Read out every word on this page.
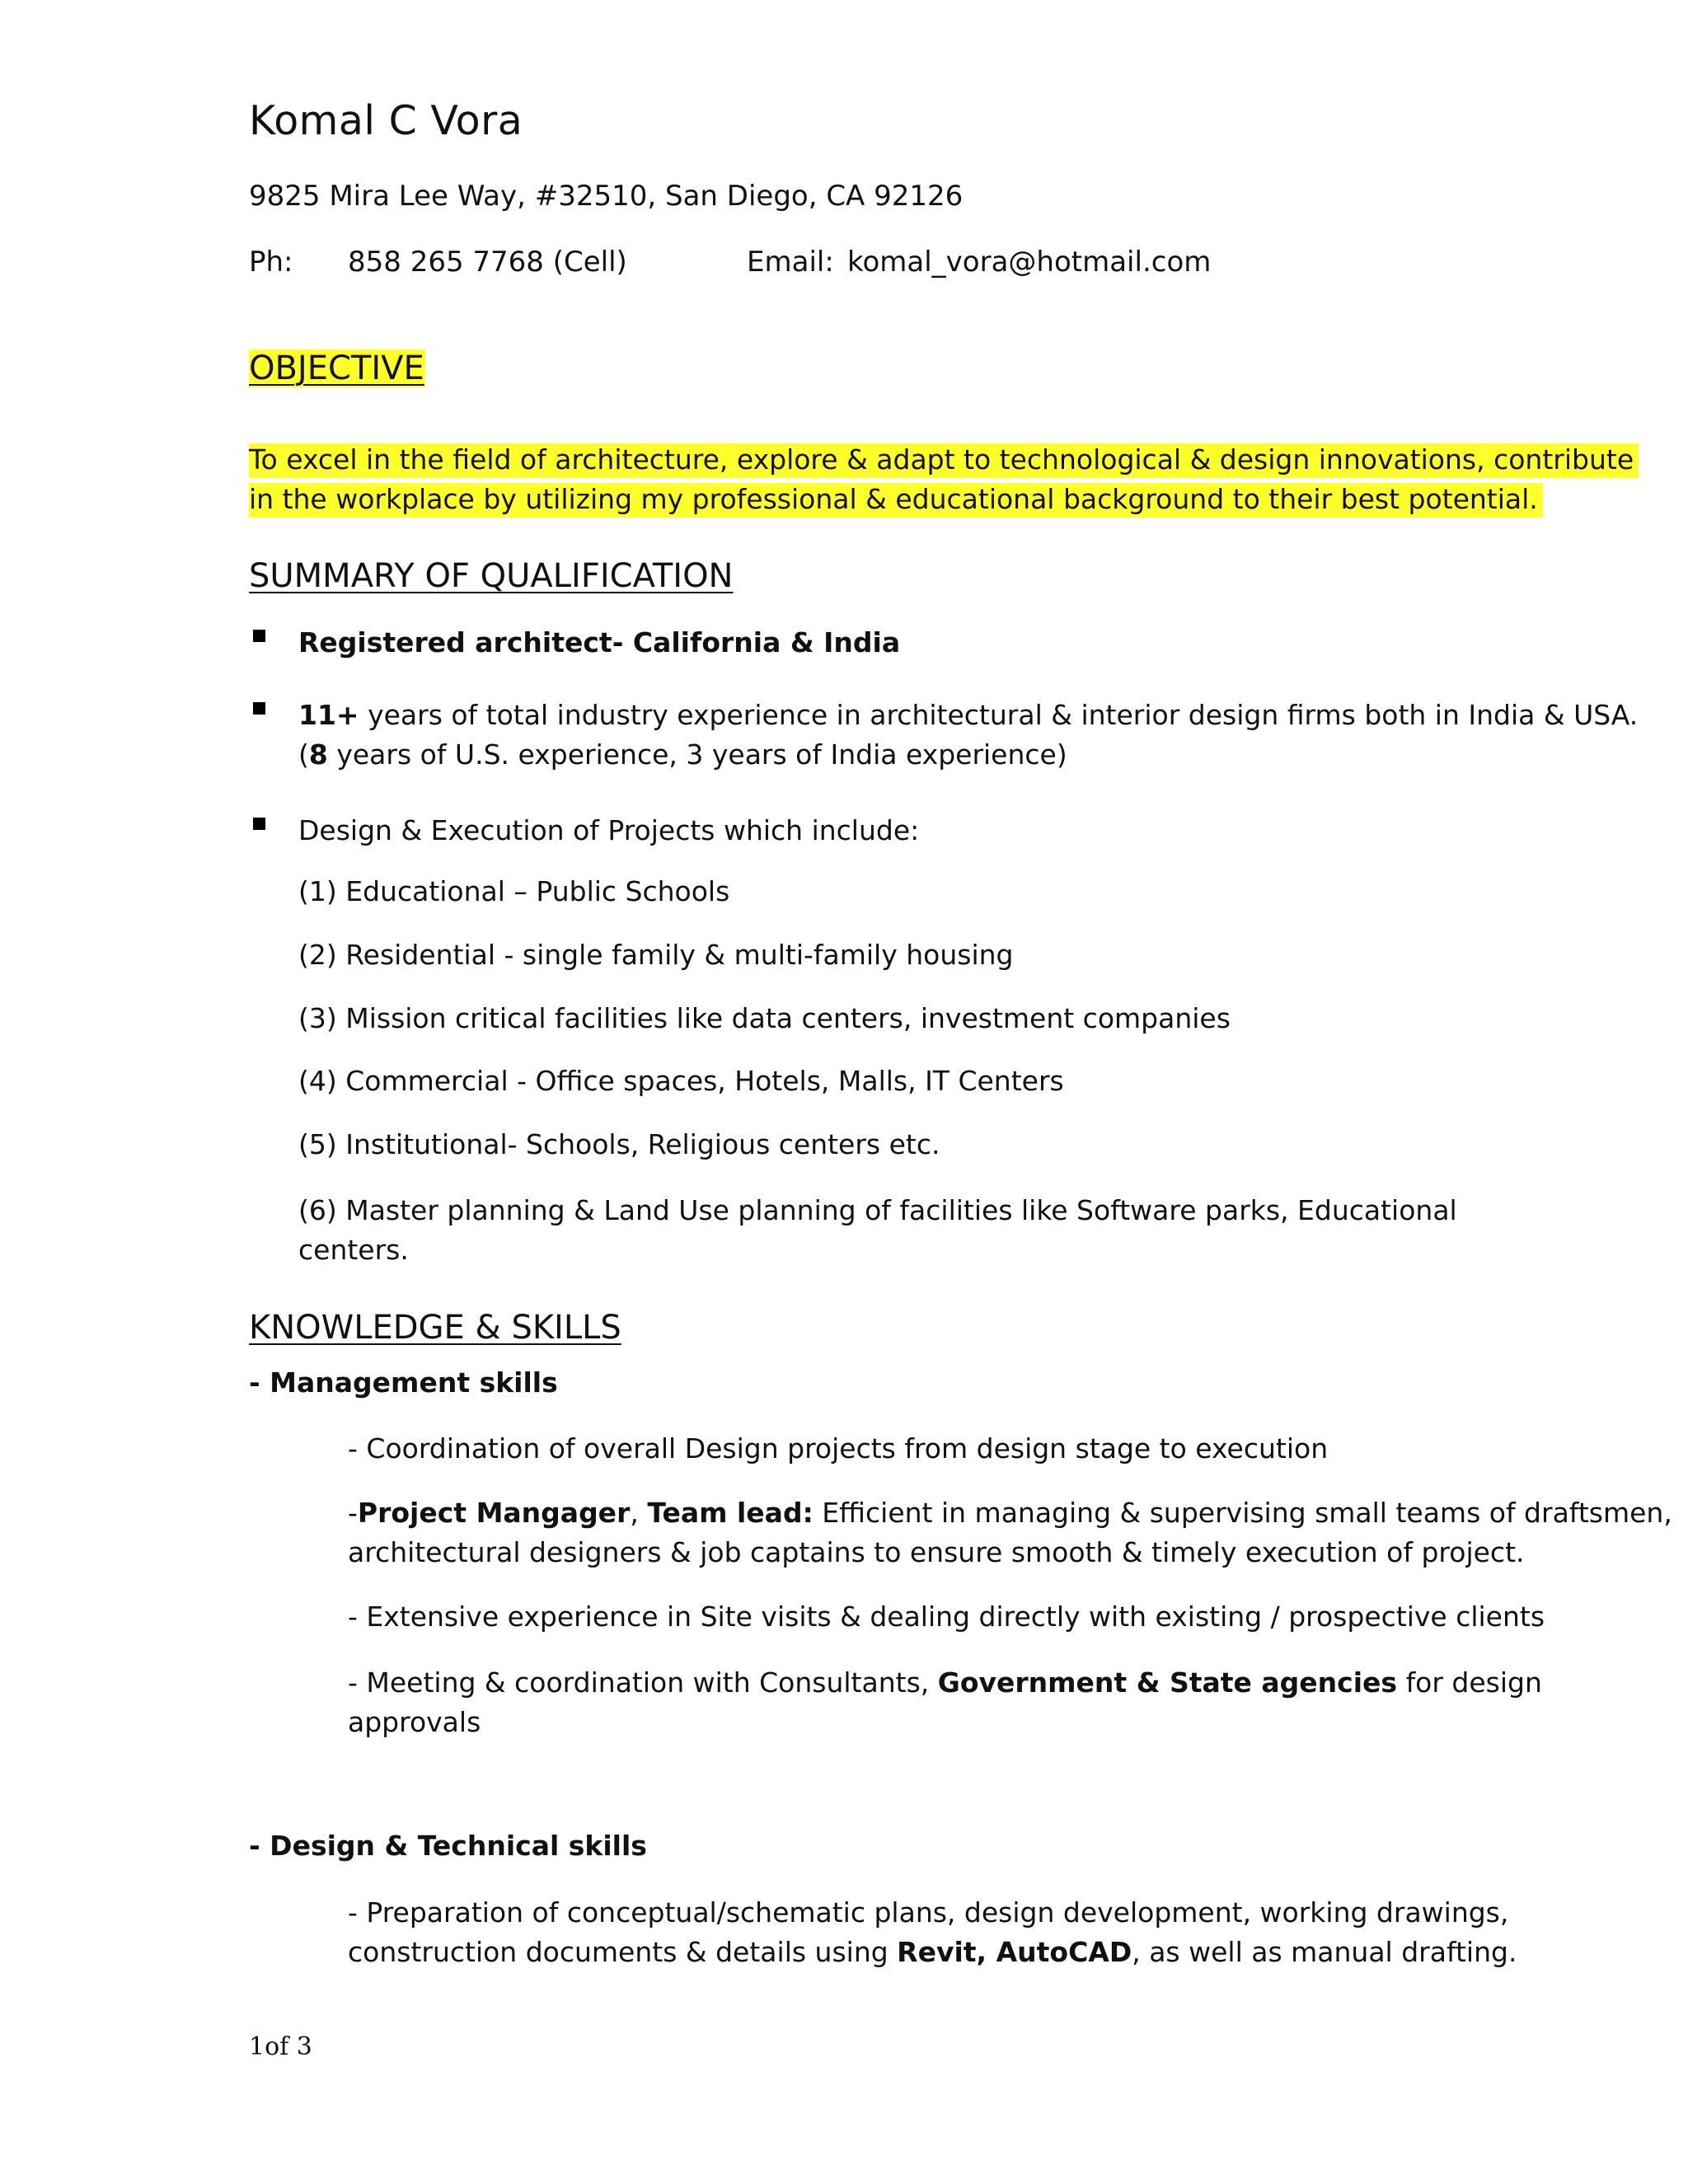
Komal C Vora
9825 Mira Lee Way, #32510, San Diego, CA 92126
Ph: 858 265 7768 (Cell)	Email: komal_vora@hotmail.com
OBJECTIVE
To excel in the field of architecture, explore & adapt to technological & design innovations, contribute
in the workplace by utilizing my professional & educational background to their best potential.
SUMMARY OF QUALIFICATION
Registered architect- California & India
11+ years of total industry experience in architectural & interior design firms both in India & USA.
(8 years of U.S. experience, 3 years of India experience)
Design & Execution of Projects which include:
(1) Educational – Public Schools
(2) Residential - single family & multi-family housing
(3) Mission critical facilities like data centers, investment companies
(4) Commercial - Office spaces, Hotels, Malls, IT Centers
(5) Institutional- Schools, Religious centers etc.
(6) Master planning & Land Use planning of facilities like Software parks, Educational
centers.
KNOWLEDGE & SKILLS
- Management skills
- Coordination of overall Design projects from design stage to execution
-Project Mangager, Team lead: Efficient in managing & supervising small teams of draftsmen,
architectural designers & job captains to ensure smooth & timely execution of project.
- Extensive experience in Site visits & dealing directly with existing / prospective clients
- Meeting & coordination with Consultants, Government & State agencies for design
approvals
- Design & Technical skills
- Preparation of conceptual/schematic plans, design development, working drawings,
construction documents & details using Revit, AutoCAD, as well as manual drafting.
1of 3
